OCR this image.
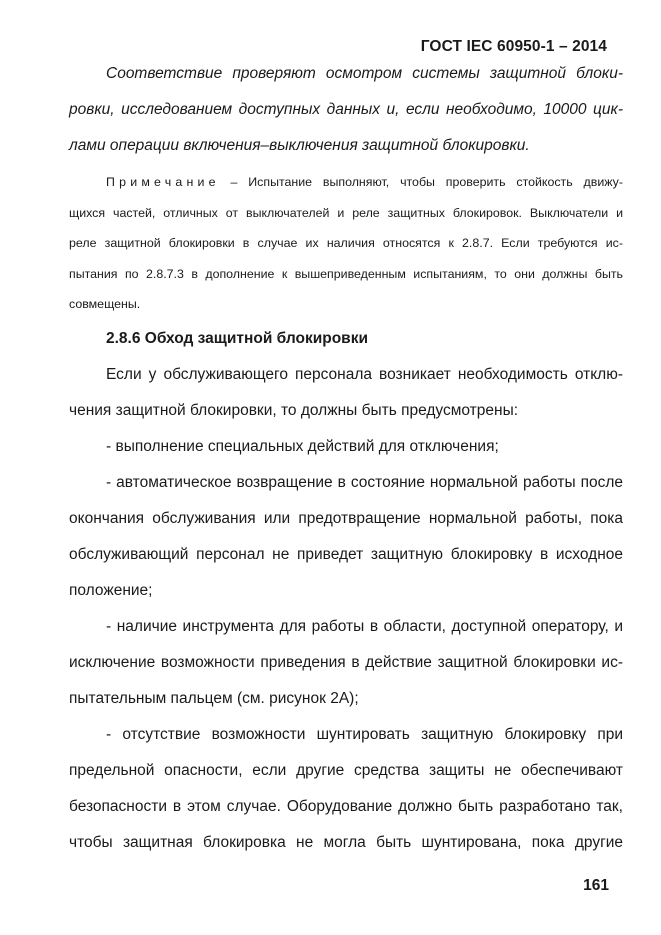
ГОСТ IEC 60950-1 – 2014
Соответствие проверяют осмотром системы защитной блоки-
ровки, исследованием доступных данных и, если необходимо, 10000 цик-
лами операции включения–выключения защитной блокировки.
Примечание – Испытание выполняют, чтобы проверить стойкость движу-
щихся частей, отличных от выключателей и реле защитных блокировок. Выключатели и
реле защитной блокировки в случае их наличия относятся к 2.8.7. Если требуются ис-
пытания по 2.8.7.3 в дополнение к вышеприведенным испытаниям, то они должны быть
совмещены.
2.8.6 Обход защитной блокировки
Если у обслуживающего персонала возникает необходимость отклю-
чения защитной блокировки, то должны быть предусмотрены:
- выполнение специальных действий для отключения;
- автоматическое возвращение в состояние нормальной работы после
окончания обслуживания или предотвращение нормальной работы, пока
обслуживающий персонал не приведет защитную блокировку в исходное
положение;
- наличие инструмента для работы в области, доступной оператору, и
исключение возможности приведения в действие защитной блокировки ис-
пытательным пальцем (см. рисунок 2А);
- отсутствие возможности шунтировать защитную блокировку при
предельной опасности, если другие средства защиты не обеспечивают
безопасности в этом случае. Оборудование должно быть разработано так,
чтобы защитная блокировка не могла быть шунтирована, пока другие
161
